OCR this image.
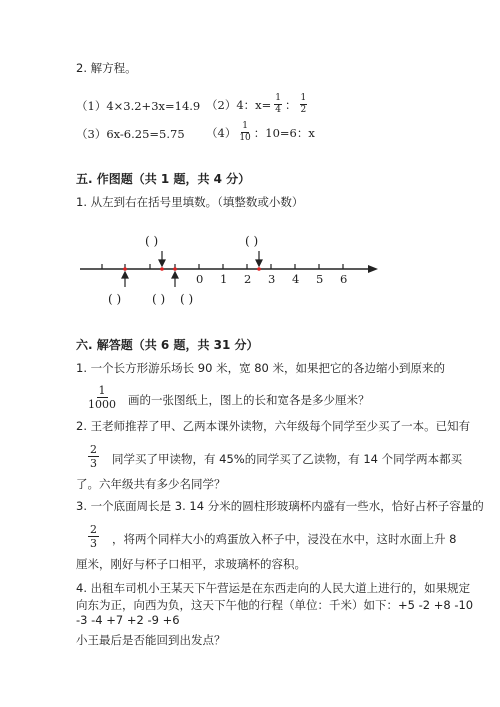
2. 解方程。
（1）4×3.2+3x=14.9 （2）4：$x= \frac{1}{4}$ ： $\frac{1}{2}$
（3）6x-6.25=5.75 $(4) \frac{1}{10}$ ：10=6：x
五. 作图题（共 1 题，共 4 分）
1. 从左到右在括号里填数。（填整数或小数）
( )	( )
0 1 2 3 4 5 6
( )	( ) ( )
六. 解答题（共 6 题，共 31 分）
1. 一个长方形游乐场长 90 米，宽 80 米，如果把它的各边缩小到原来的
$\frac{1}{1000}$ 画的一张图纸上，图上的长和宽各是多少厘米？
2. 王老师推荐了甲、乙两本课外读物，六年级每个同学至少买了一本。已知有
$\frac{2}{3}$ 同学买了甲读物，有 45%的同学买了乙读物，有 14 个同学两本都买
了。六年级共有多少名同学？
3. 一个底面周长是 3. 14 分米的圆柱形玻璃杯内盛有一些水，恰好占杯子容量的
$\frac{2}{3}$ ，将两个同样大小的鸡蛋放入杯子中，浸没在水中，这时水面上升 8
厘米，刚好与杯子口相平，求玻璃杯的容积。
4. 出租车司机小王某天下午营运是在东西走向的人民大道上进行的，如果规定
向东为正，向西为负，这天下午他的行程（单位：千米）如下：+5 -2 +8 -10
-3 -4 +7 +2 -9 +6
小王最后是否能回到出发点？
